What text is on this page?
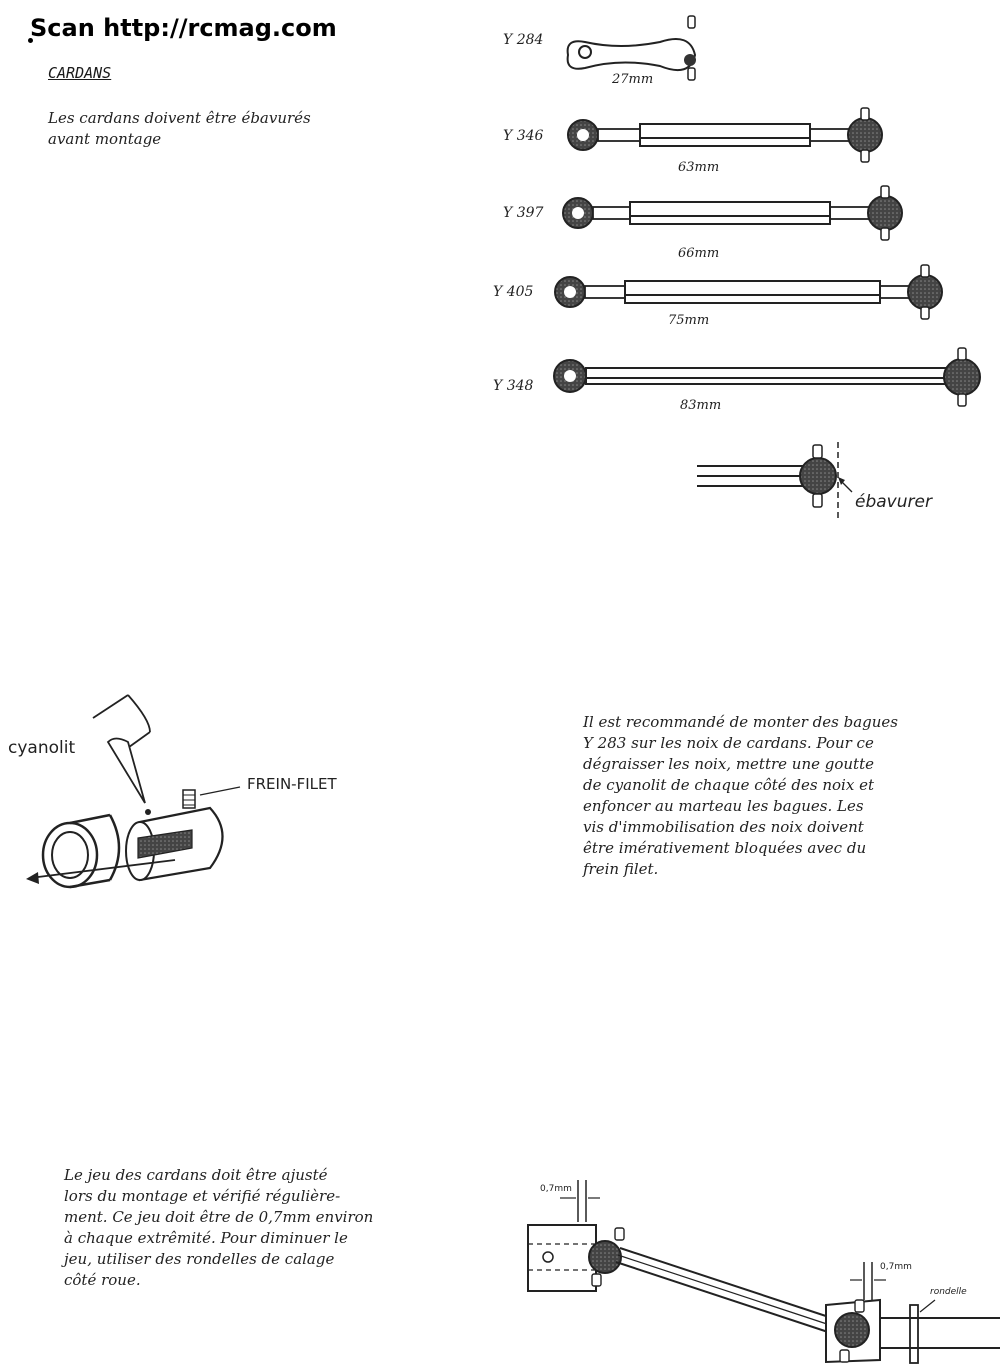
Scan http://rcmag.com
CARDANS
Les cardans doivent être ébavurés
avant montage
Y 284
27mm
Y 346
63mm
Y 397
66mm
Y 405
75mm
Y 348
83mm
ébavurer
cyanolit
FREIN-FILET
Il est recommandé de monter des bagues
Y 283 sur les noix de cardans. Pour ce
dégraisser les noix, mettre une goutte
de cyanolit de chaque côté des noix et
enfoncer au marteau les bagues. Les
vis d'immobilisation des noix doivent
être imérativement bloquées avec du
frein filet.
Le jeu des cardans doit être ajusté
lors du montage et vérifié régulière-
ment. Ce jeu doit être de 0,7mm environ
à chaque extrêmité. Pour diminuer le
jeu, utiliser des rondelles de calage
côté roue.
0,7mm
0,7mm
rondelle
